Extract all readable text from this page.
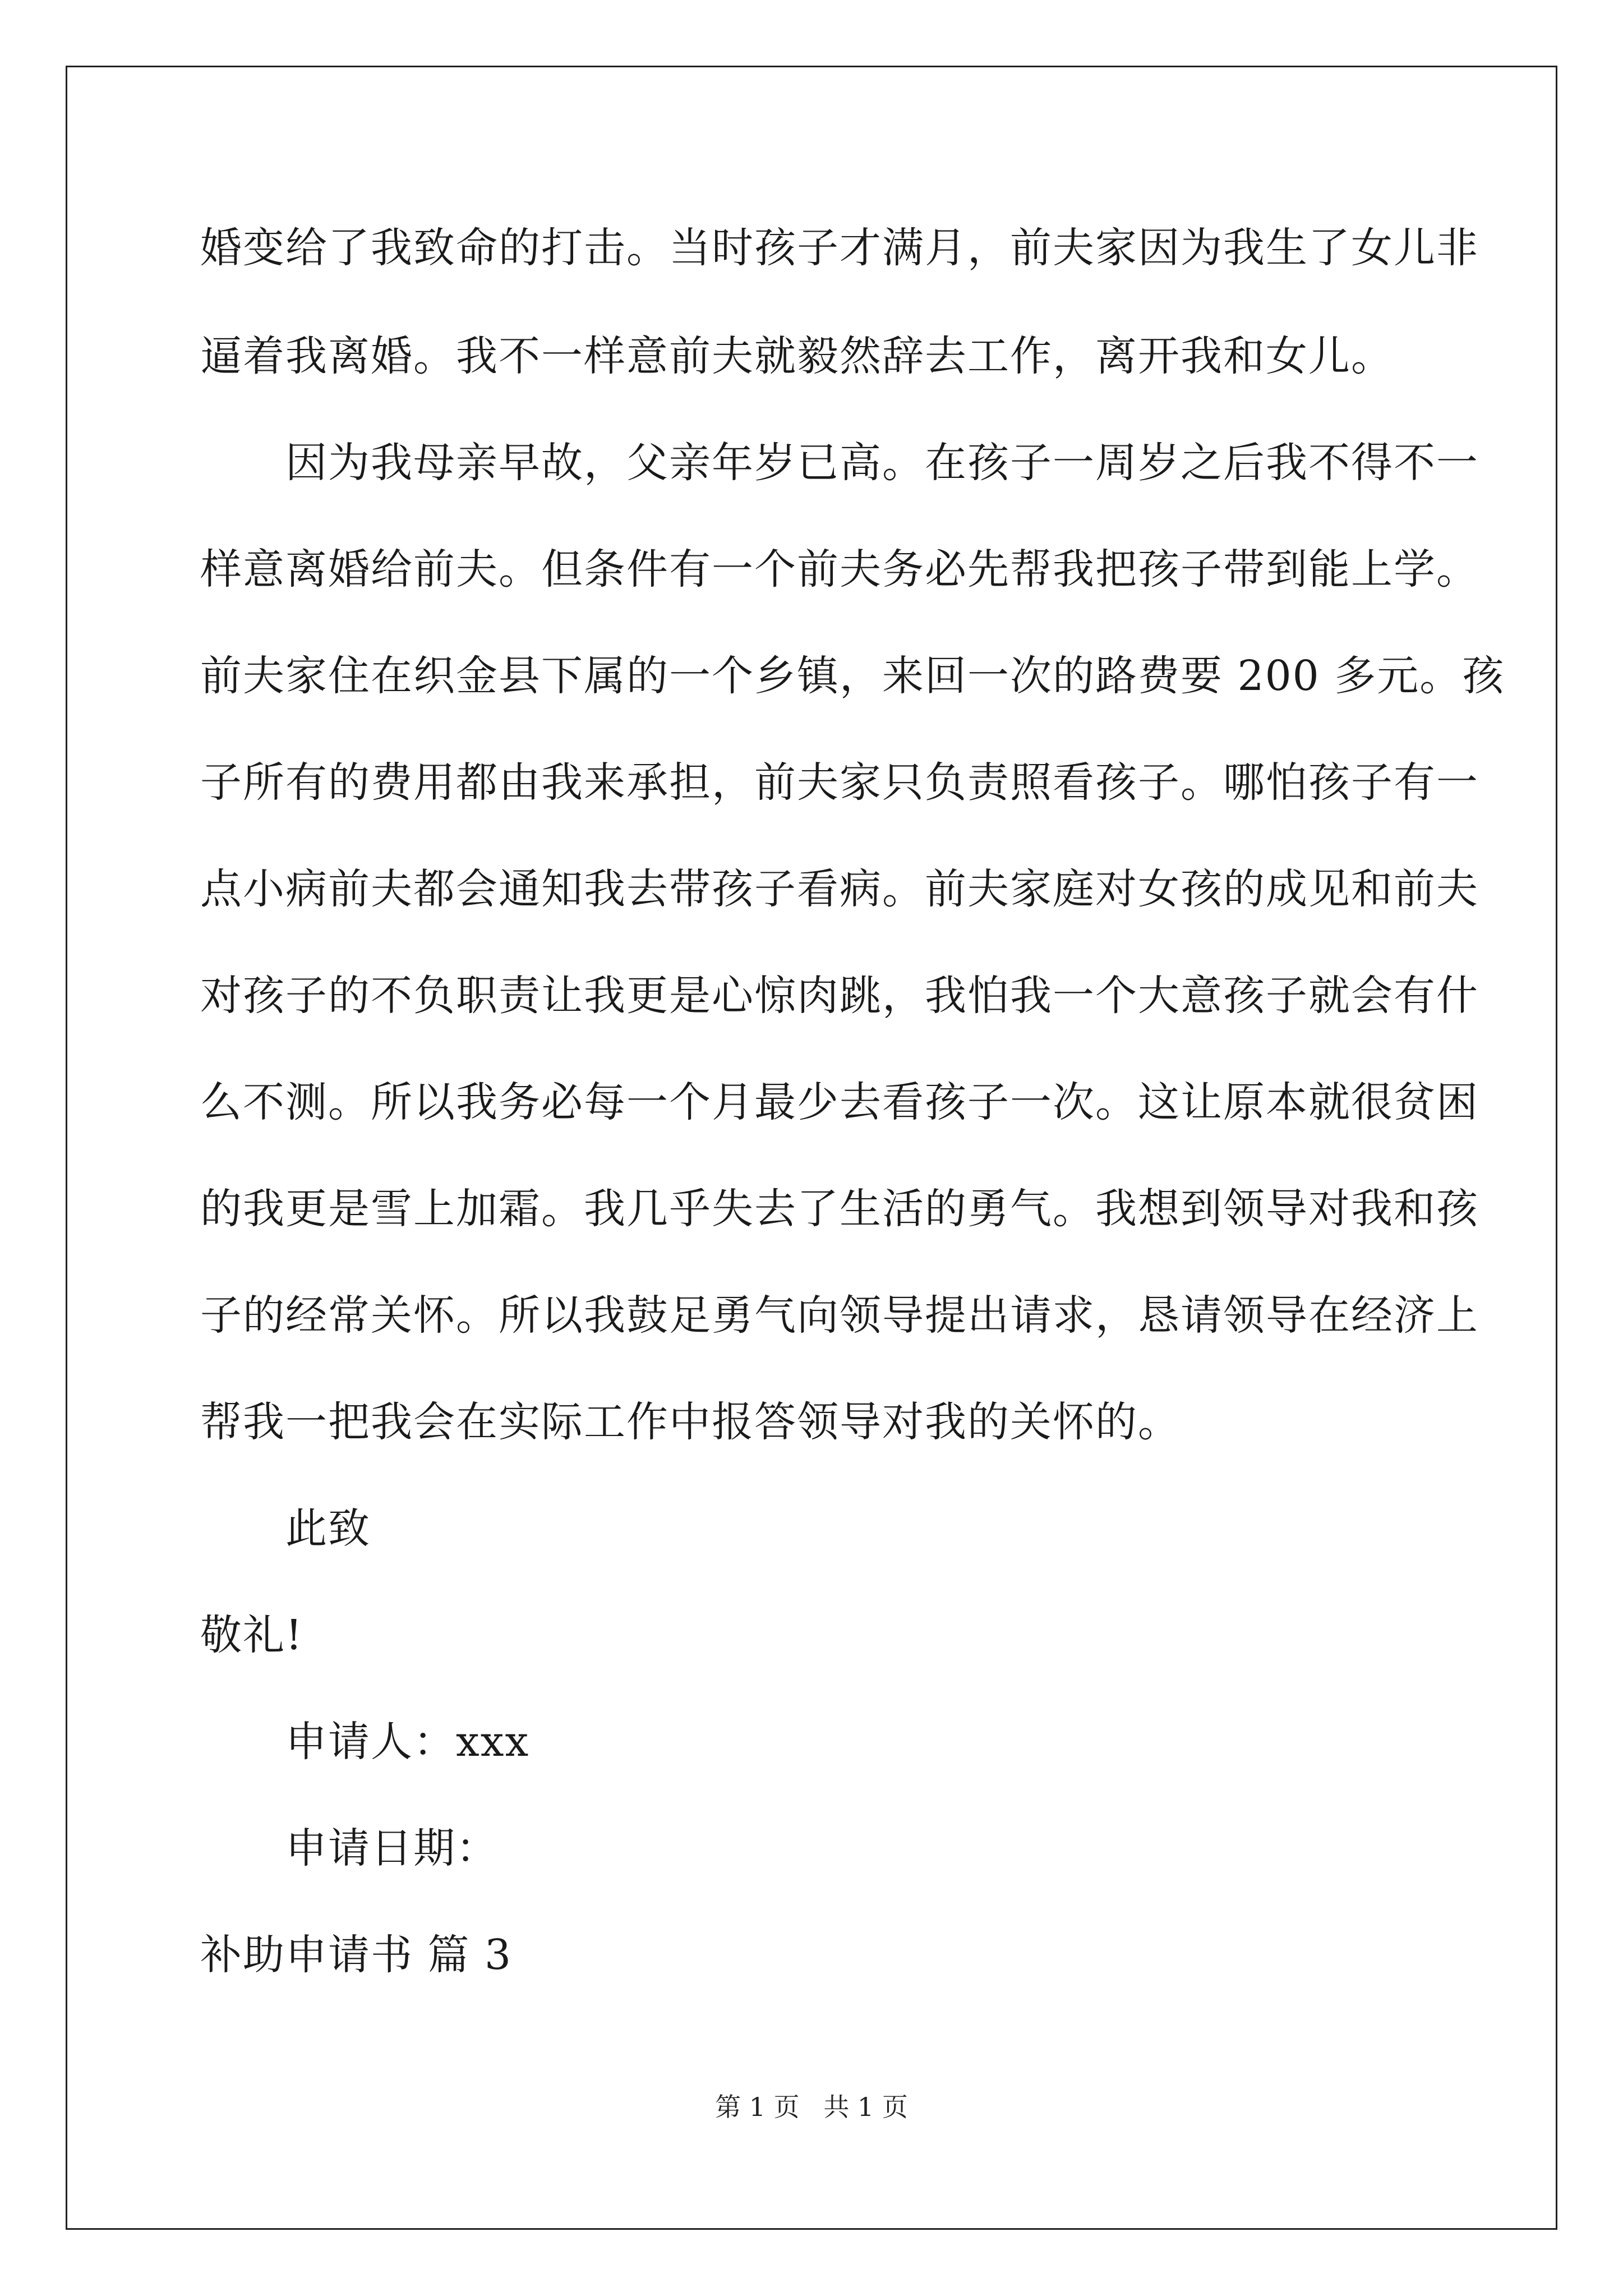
婚变给了我致命的打击。当时孩子才满月，前夫家因为我生了女儿非

逼着我离婚。我不一样意前夫就毅然辞去工作，离开我和女儿。

　　因为我母亲早故，父亲年岁已高。在孩子一周岁之后我不得不一

样意离婚给前夫。但条件有一个前夫务必先帮我把孩子带到能上学。

前夫家住在织金县下属的一个乡镇，来回一次的路费要 200 多元。孩

子所有的费用都由我来承担，前夫家只负责照看孩子。哪怕孩子有一

点小病前夫都会通知我去带孩子看病。前夫家庭对女孩的成见和前夫

对孩子的不负职责让我更是心惊肉跳，我怕我一个大意孩子就会有什

么不测。所以我务必每一个月最少去看孩子一次。这让原本就很贫困

的我更是雪上加霜。我几乎失去了生活的勇气。我想到领导对我和孩

子的经常关怀。所以我鼓足勇气向领导提出请求，恳请领导在经济上

帮我一把我会在实际工作中报答领导对我的关怀的。

　　此致

敬礼!

　　申请人：xxx

　　申请日期：

补助申请书 篇 3

第 1 页 共 1 页
